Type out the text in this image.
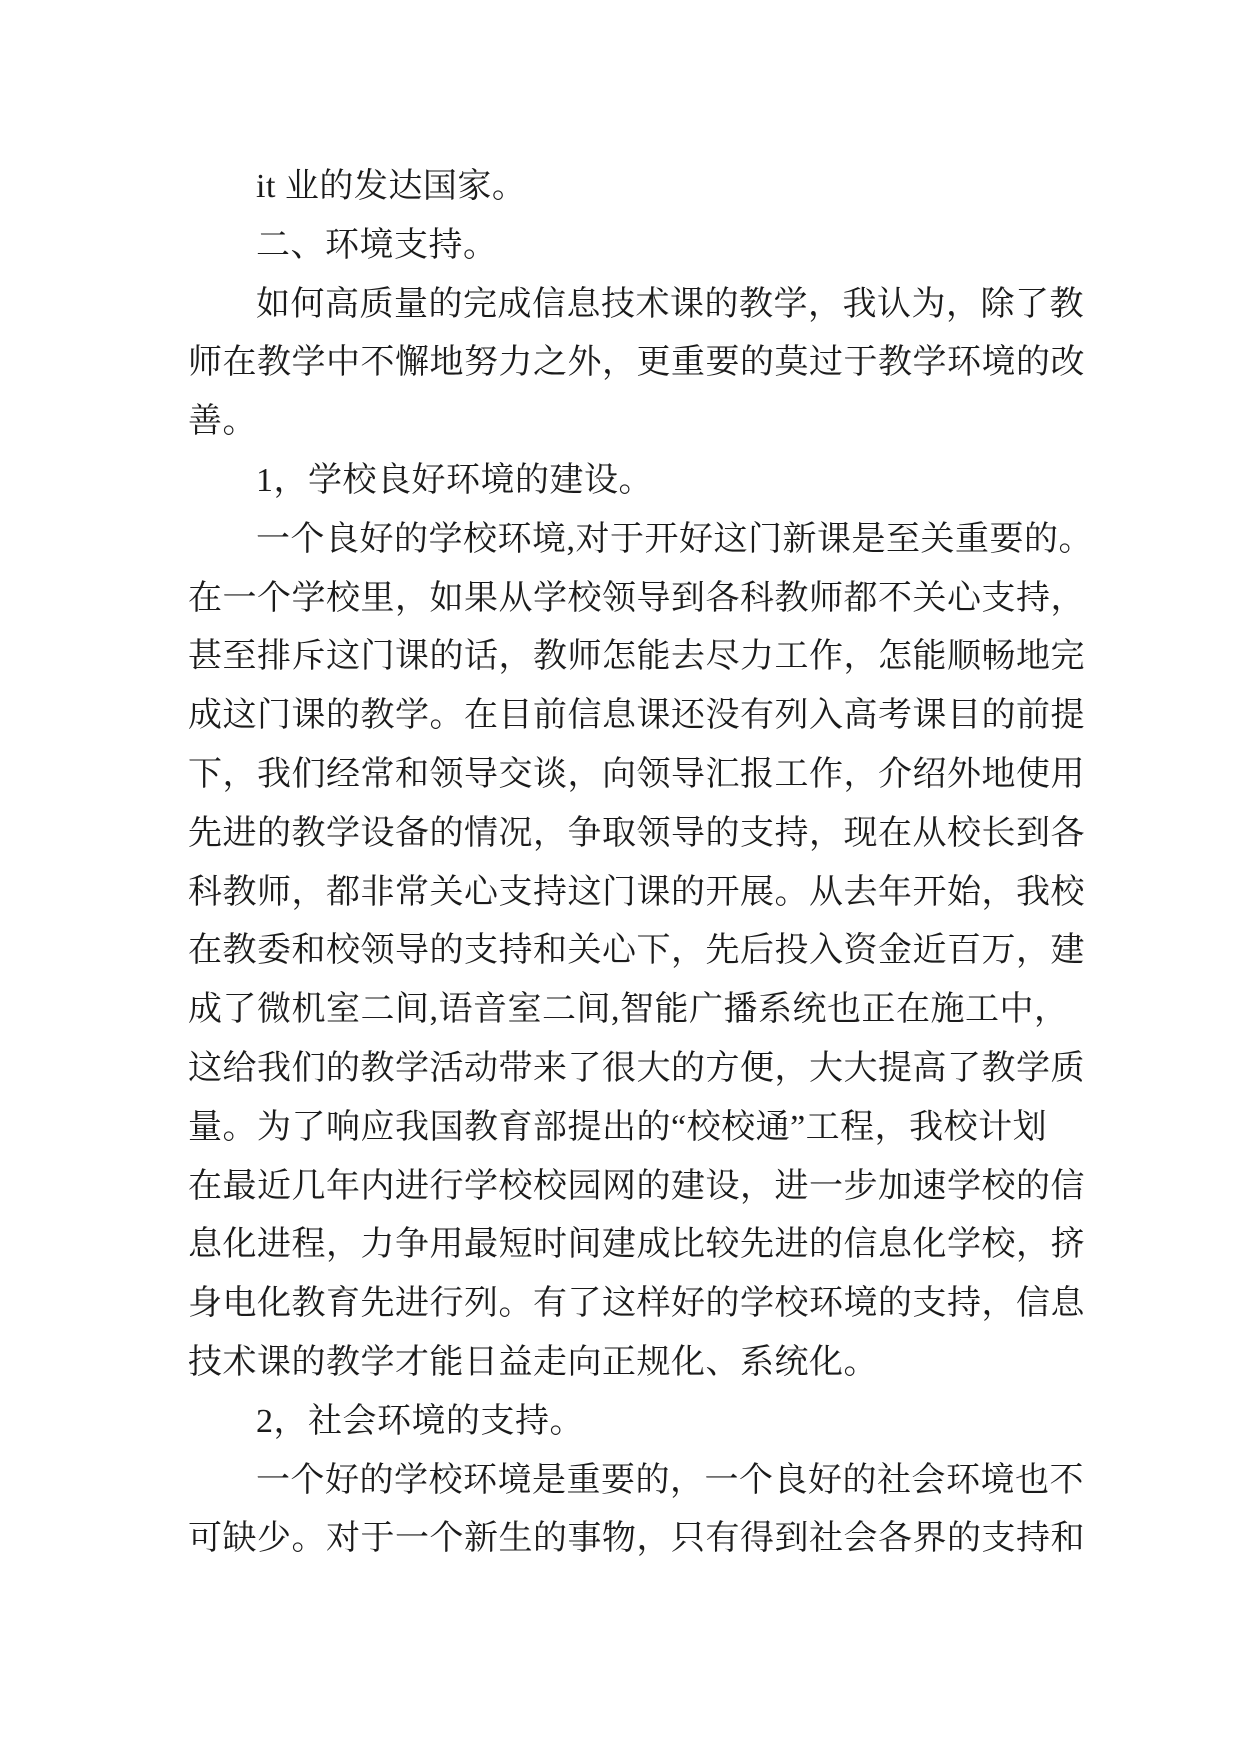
it 业的发达国家。
二、环境支持。
如何高质量的完成信息技术课的教学，我认为，除了教
师在教学中不懈地努力之外，更重要的莫过于教学环境的改
善。
1，学校良好环境的建设。
一个良好的学校环境,对于开好这门新课是至关重要的。
在一个学校里，如果从学校领导到各科教师都不关心支持，
甚至排斥这门课的话，教师怎能去尽力工作，怎能顺畅地完
成这门课的教学。在目前信息课还没有列入高考课目的前提
下，我们经常和领导交谈，向领导汇报工作，介绍外地使用
先进的教学设备的情况，争取领导的支持，现在从校长到各
科教师，都非常关心支持这门课的开展。从去年开始，我校
在教委和校领导的支持和关心下，先后投入资金近百万，建
成了微机室二间,语音室二间,智能广播系统也正在施工中，
这给我们的教学活动带来了很大的方便，大大提高了教学质
量。为了响应我国教育部提出的“校校通”工程，我校计划
在最近几年内进行学校校园网的建设，进一步加速学校的信
息化进程，力争用最短时间建成比较先进的信息化学校，挤
身电化教育先进行列。有了这样好的学校环境的支持，信息
技术课的教学才能日益走向正规化、系统化。
2，社会环境的支持。
一个好的学校环境是重要的，一个良好的社会环境也不
可缺少。对于一个新生的事物，只有得到社会各界的支持和
